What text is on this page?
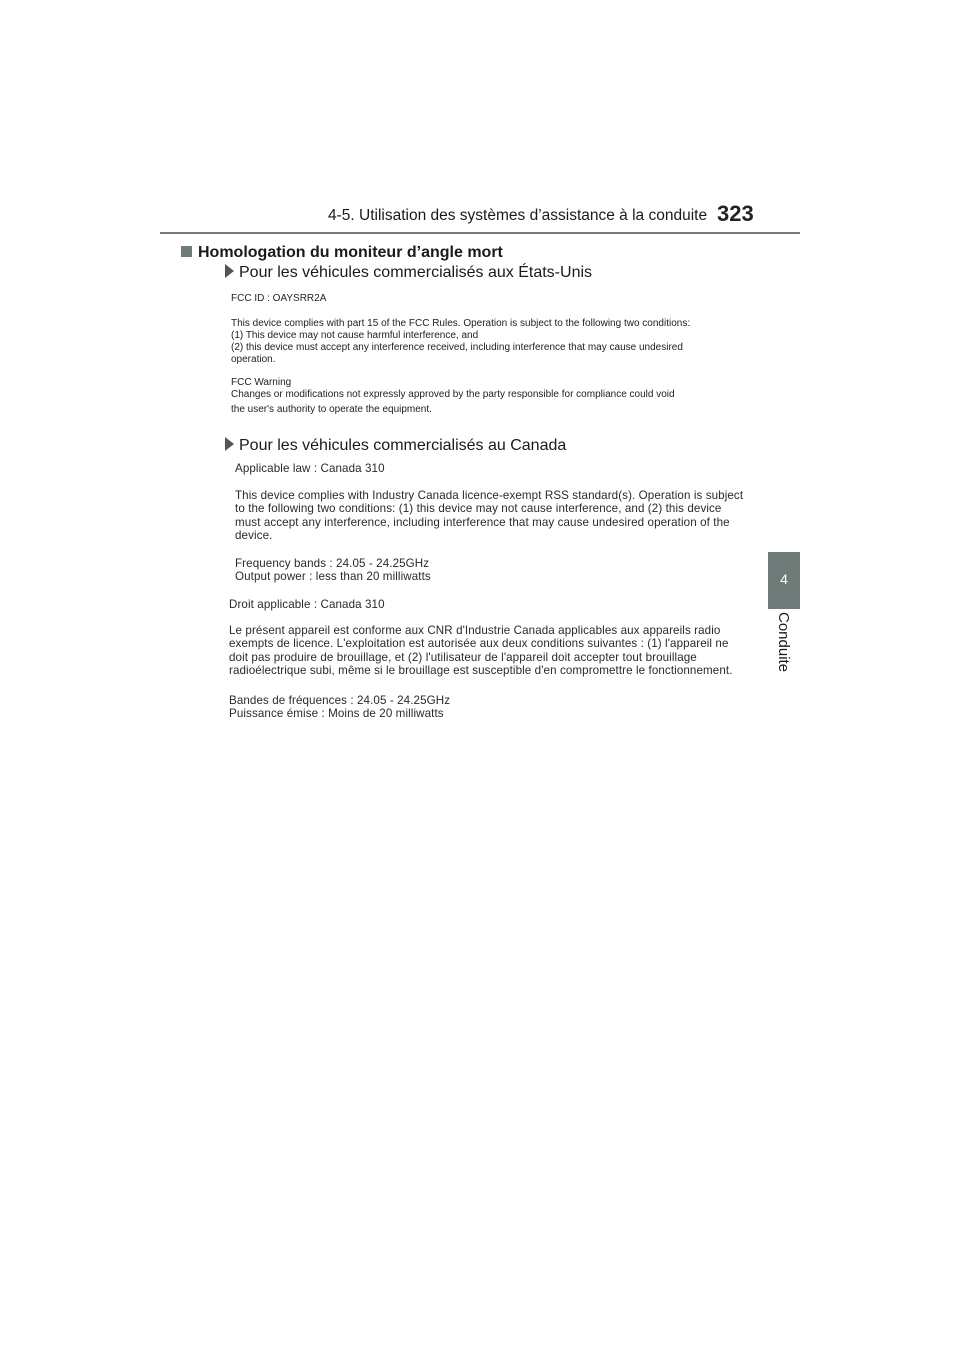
4-5. Utilisation des systèmes d’assistance à la conduite 323
4
Conduite
Homologation du moniteur d’angle mort
Pour les véhicules commercialisés aux États-Unis

FCC ID : OAYSRR2A

This device complies with part 15 of the FCC Rules. Operation is subject to the following two conditions:

(1) This device may not cause harmful interference, and

(2) this device must accept any interference received, including interference that may cause undesired

operation.

FCC Warning

Changes or modifications not expressly approved by the party responsible for compliance could void

the user's authority to operate the equipment.

Pour les véhicules commercialisés au Canada

Applicable law : Canada 310

This device complies with Industry Canada licence-exempt RSS standard(s). Operation is subject

to the following two conditions: (1) this device may not cause interference, and (2) this device

must accept any interference, including interference that may cause undesired operation of the

device.

Frequency bands : 24.05 - 24.25GHz

Output power : less than 20 milliwatts

Droit applicable : Canada 310

Le présent appareil est conforme aux CNR d'Industrie Canada applicables aux appareils radio

exempts de licence. L'exploitation est autorisée aux deux conditions suivantes : (1) l'appareil ne

doit pas produire de brouillage, et (2) l'utilisateur de l'appareil doit accepter tout brouillage

radioélectrique subi, même si le brouillage est susceptible d'en compromettre le fonctionnement.

Bandes de fréquences : 24.05 - 24.25GHz

Puissance émise : Moins de 20 milliwatts
